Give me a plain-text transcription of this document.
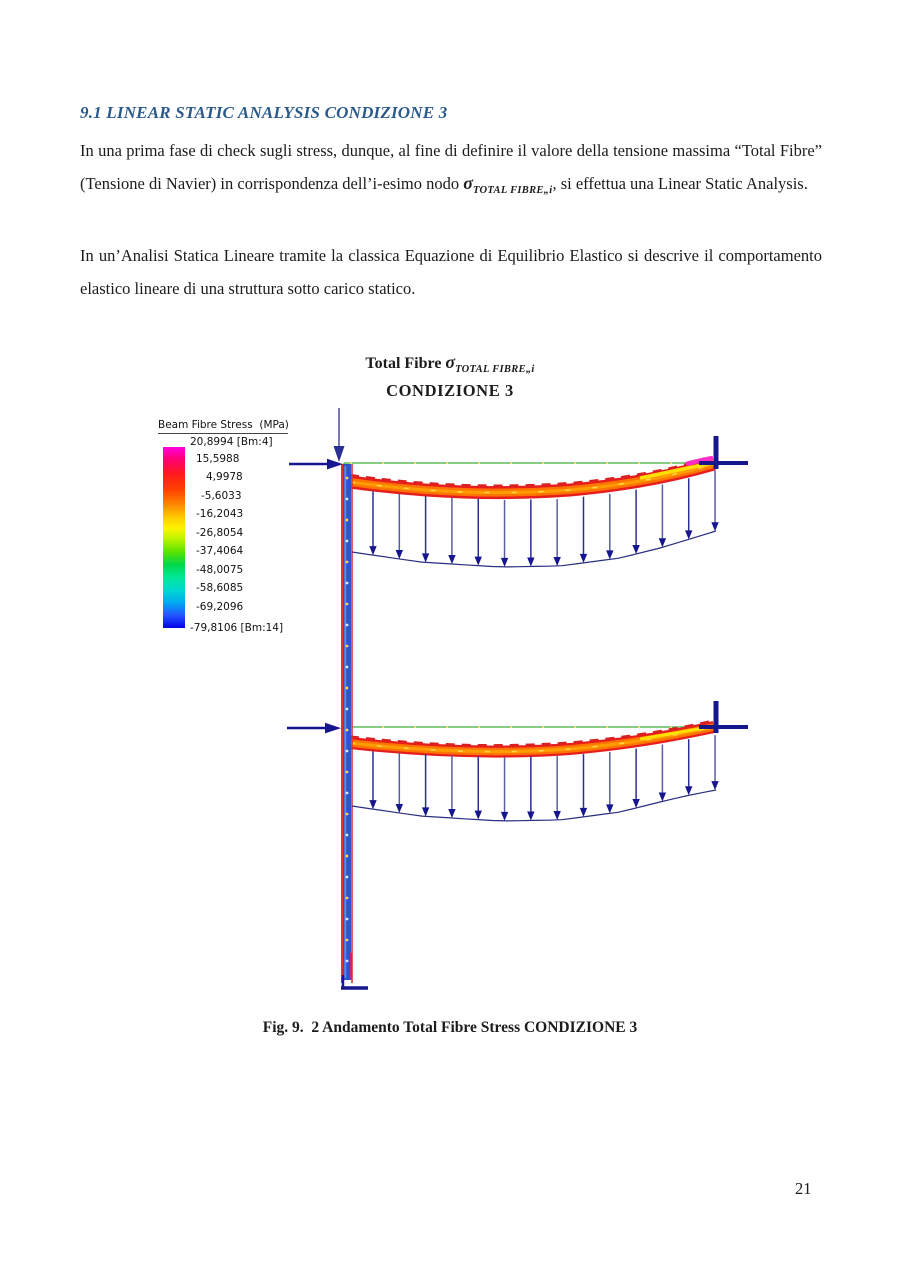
9.1 LINEAR STATIC ANALYSIS CONDIZIONE 3
In una prima fase di check sugli stress, dunque, al fine di definire il valore della tensione massima “Total Fibre” (Tensione di Navier) in corrispondenza dell’i-esimo nodo $\sigma_{TOTAL FIBRE„i}$, si effettua una Linear Static Analysis.
In un’Analisi Statica Lineare tramite la classica Equazione di Equilibrio Elastico si descrive il comportamento elastico lineare di una struttura sotto carico statico.
Total Fibre $\sigma_{TOTAL FIBRE„i}$
CONDIZIONE 3
Beam Fibre Stress  (MPa)
20,8994 [Bm:4]
15,5988
4,9978
-5,6033
-16,2043
-26,8054
-37,4064
-48,0075
-58,6085
-69,2096
-79,8106 [Bm:14]
Fig. 9.  2 Andamento Total Fibre Stress CONDIZIONE 3
21
